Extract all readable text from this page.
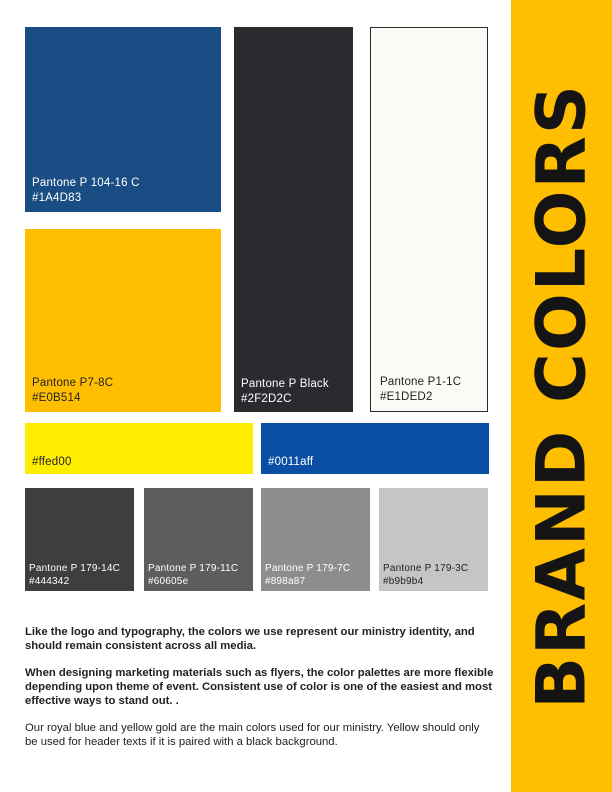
Pantone P 104-16 C
#1A4D83
Pantone P7-8C
#E0B514
Pantone P Black
#2F2D2C
Pantone P1-1C
#E1DED2
#ffed00	#0011aff
Pantone P 179-14C
#444342
Pantone P 179-11C
#60605e
Pantone P 179-7C
#898a87
Pantone P 179-3C
#b9b9b4

Like the logo and typography, the colors we use represent our ministry identity, and should remain consistent across all media.

When designing marketing materials such as flyers, the color palettes are more flexible depending upon theme of event. Consistent use of color is one of the easiest and most effective ways to stand out. .

Our royal blue and yellow gold are the main colors used for our ministry. Yellow should only be used for header texts if it is paired with a black background.

BRAND COLORS
